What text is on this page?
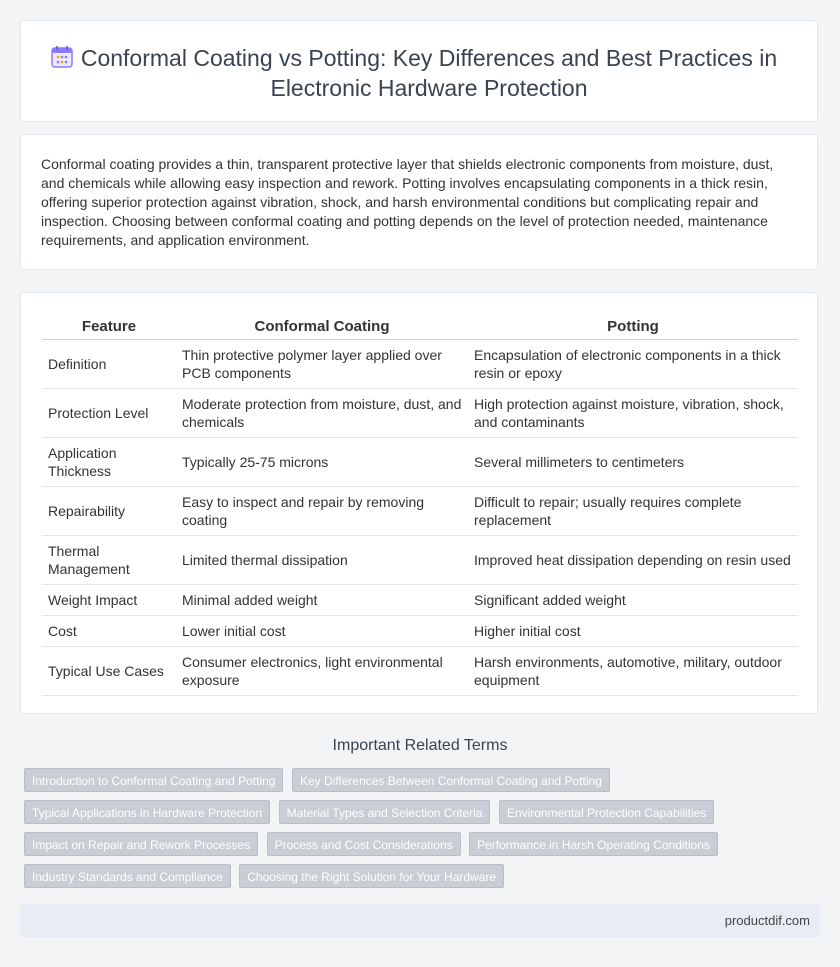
Conformal Coating vs Potting: Key Differences and Best Practices in Electronic Hardware Protection

Conformal coating provides a thin, transparent protective layer that shields electronic components from moisture, dust, and chemicals while allowing easy inspection and rework. Potting involves encapsulating components in a thick resin, offering superior protection against vibration, shock, and harsh environmental conditions but complicating repair and inspection. Choosing between conformal coating and potting depends on the level of protection needed, maintenance requirements, and application environment.

Feature	Conformal Coating	Potting
Definition	Thin protective polymer layer applied over PCB components	Encapsulation of electronic components in a thick resin or epoxy
Protection Level	Moderate protection from moisture, dust, and chemicals	High protection against moisture, vibration, shock, and contaminants
Application Thickness	Typically 25-75 microns	Several millimeters to centimeters
Repairability	Easy to inspect and repair by removing coating	Difficult to repair; usually requires complete replacement
Thermal Management	Limited thermal dissipation	Improved heat dissipation depending on resin used
Weight Impact	Minimal added weight	Significant added weight
Cost	Lower initial cost	Higher initial cost
Typical Use Cases	Consumer electronics, light environmental exposure	Harsh environments, automotive, military, outdoor equipment
Important Related Terms
Introduction to Conformal Coating and Potting Key Differences Between Conformal Coating and Potting
Typical Applications in Hardware Protection Material Types and Selection Criteria Environmental Protection Capabilities
Impact on Repair and Rework Processes Process and Cost Considerations Performance in Harsh Operating Conditions
Industry Standards and Compliance Choosing the Right Solution for Your Hardware
productdif.com
